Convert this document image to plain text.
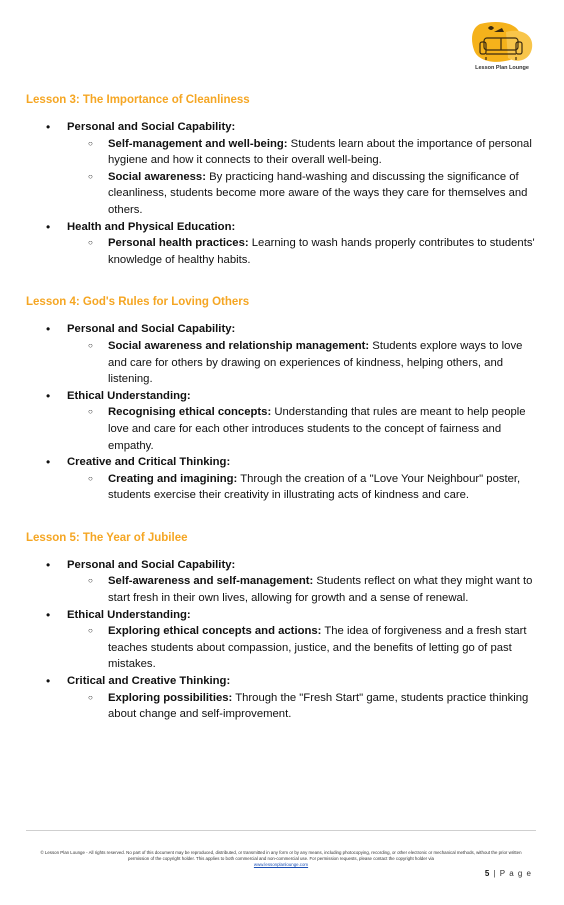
Lesson Plan Lounge
Lesson 3: The Importance of Cleanliness
• Personal and Social Capability:
○ Self-management and well-being: Students learn about the importance of personal hygiene and how it connects to their overall well-being.
○ Social awareness: By practicing hand-washing and discussing the significance of cleanliness, students become more aware of the ways they care for themselves and others.
• Health and Physical Education:
○ Personal health practices: Learning to wash hands properly contributes to students' knowledge of healthy habits.
Lesson 4: God's Rules for Loving Others
• Personal and Social Capability:
○ Social awareness and relationship management: Students explore ways to love and care for others by drawing on experiences of kindness, helping others, and listening.
• Ethical Understanding:
○ Recognising ethical concepts: Understanding that rules are meant to help people love and care for each other introduces students to the concept of fairness and empathy.
• Creative and Critical Thinking:
○ Creating and imagining: Through the creation of a "Love Your Neighbour" poster, students exercise their creativity in illustrating acts of kindness and care.
Lesson 5: The Year of Jubilee
• Personal and Social Capability:
○ Self-awareness and self-management: Students reflect on what they might want to start fresh in their own lives, allowing for growth and a sense of renewal.
• Ethical Understanding:
○ Exploring ethical concepts and actions: The idea of forgiveness and a fresh start teaches students about compassion, justice, and the benefits of letting go of past mistakes.
• Critical and Creative Thinking:
○ Exploring possibilities: Through the "Fresh Start" game, students practice thinking about change and self-improvement.
© Lesson Plan Lounge - All rights reserved. No part of this document may be reproduced, distributed, or transmitted in any form or by any means, including photocopying, recording, or other electronic or mechanical methods, without the prior written permission of the copyright holder. This applies to both commercial and non-commercial use. For permission requests, please contact the copyright holder via
www.lessonplanlounge.com
5 | P a g e
